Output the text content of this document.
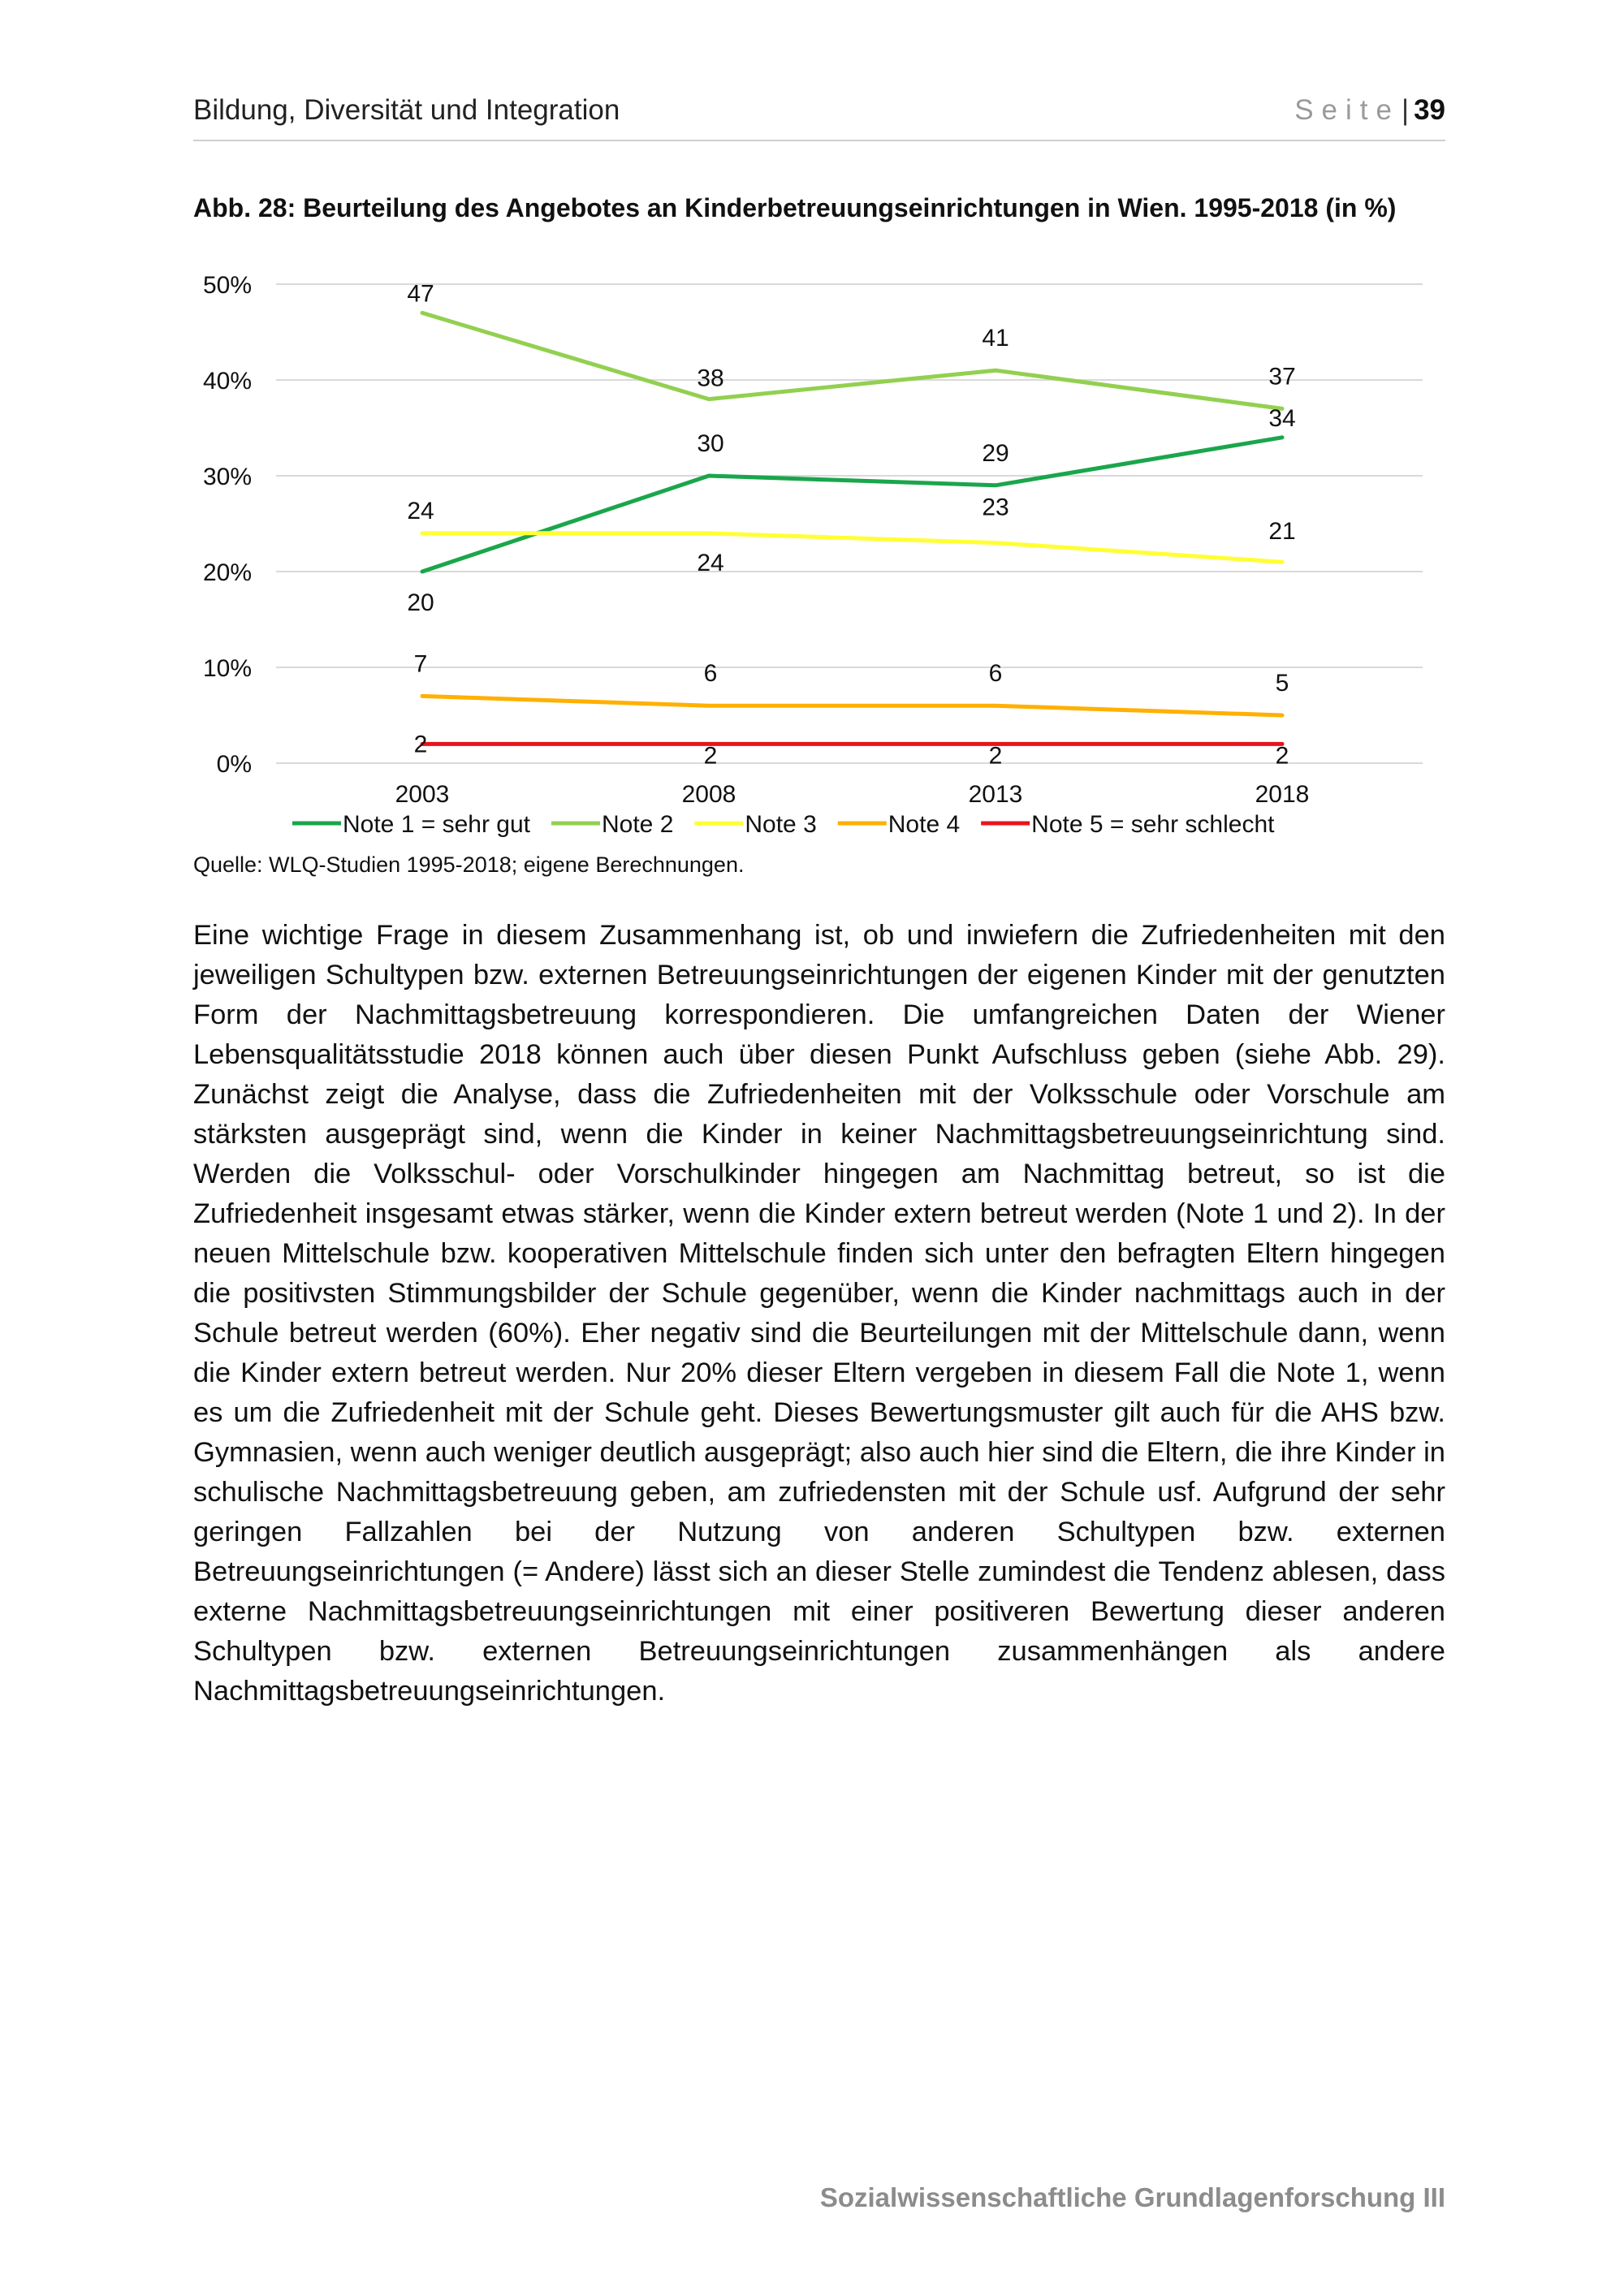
Bildung, Diversität und Integration	Seite| 39
Abb. 28: Beurteilung des Angebotes an Kinderbetreuungseinrichtungen in Wien. 1995-2018 (in %)
0%
10%
20%
30%
40%
50%
2003	2008	2013	2018
20
30	29
34
47
38
41
37
24
24
23
21
7	6	6	5
2	2	2	2
Note 1 = sehr gut	Note 2	Note 3	Note 4	Note 5 = sehr schlecht
Quelle: WLQ-Studien 1995-2018; eigene Berechnungen.

Eine wichtige Frage in diesem Zusammenhang ist, ob und inwiefern die Zufriedenheiten mit den jeweiligen Schultypen bzw. externen Betreuungseinrichtungen der eigenen Kinder mit der genutzten Form der Nachmittagsbetreuung korrespondieren. Die umfangreichen Daten der Wiener Lebensqualitätsstudie 2018 können auch über diesen Punkt Aufschluss geben (siehe Abb. 29). Zunächst zeigt die Analyse, dass die Zufriedenheiten mit der Volksschule oder Vorschule am stärksten ausgeprägt sind, wenn die Kinder in keiner Nachmittagsbetreuungseinrichtung sind. Werden die Volksschul- oder Vorschulkinder hingegen am Nachmittag betreut, so ist die Zufriedenheit insgesamt etwas stärker, wenn die Kinder extern betreut werden (Note 1 und 2). In der neuen Mittelschule bzw. kooperativen Mittelschule finden sich unter den befragten Eltern hingegen die positivsten Stimmungsbilder der Schule gegenüber, wenn die Kinder nachmittags auch in der Schule betreut werden (60%). Eher negativ sind die Beurteilungen mit der Mittelschule dann, wenn die Kinder extern betreut werden. Nur 20% dieser Eltern vergeben in diesem Fall die Note 1, wenn es um die Zufriedenheit mit der Schule geht. Dieses Bewertungsmuster gilt auch für die AHS bzw. Gymnasien, wenn auch weniger deutlich ausgeprägt; also auch hier sind die Eltern, die ihre Kinder in schulische Nachmittagsbetreuung geben, am zufriedensten mit der Schule usf. Aufgrund der sehr geringen Fallzahlen bei der Nutzung von anderen Schultypen bzw. externen Betreuungseinrichtungen (= Andere) lässt sich an dieser Stelle zumindest die Tendenz ablesen, dass externe Nachmittagsbetreuungseinrichtungen mit einer positiveren Bewertung dieser anderen Schultypen bzw. externen Betreuungseinrichtungen zusammenhängen als andere Nachmittagsbetreuungseinrichtungen.

Sozialwissenschaftliche Grundlagenforschung III
